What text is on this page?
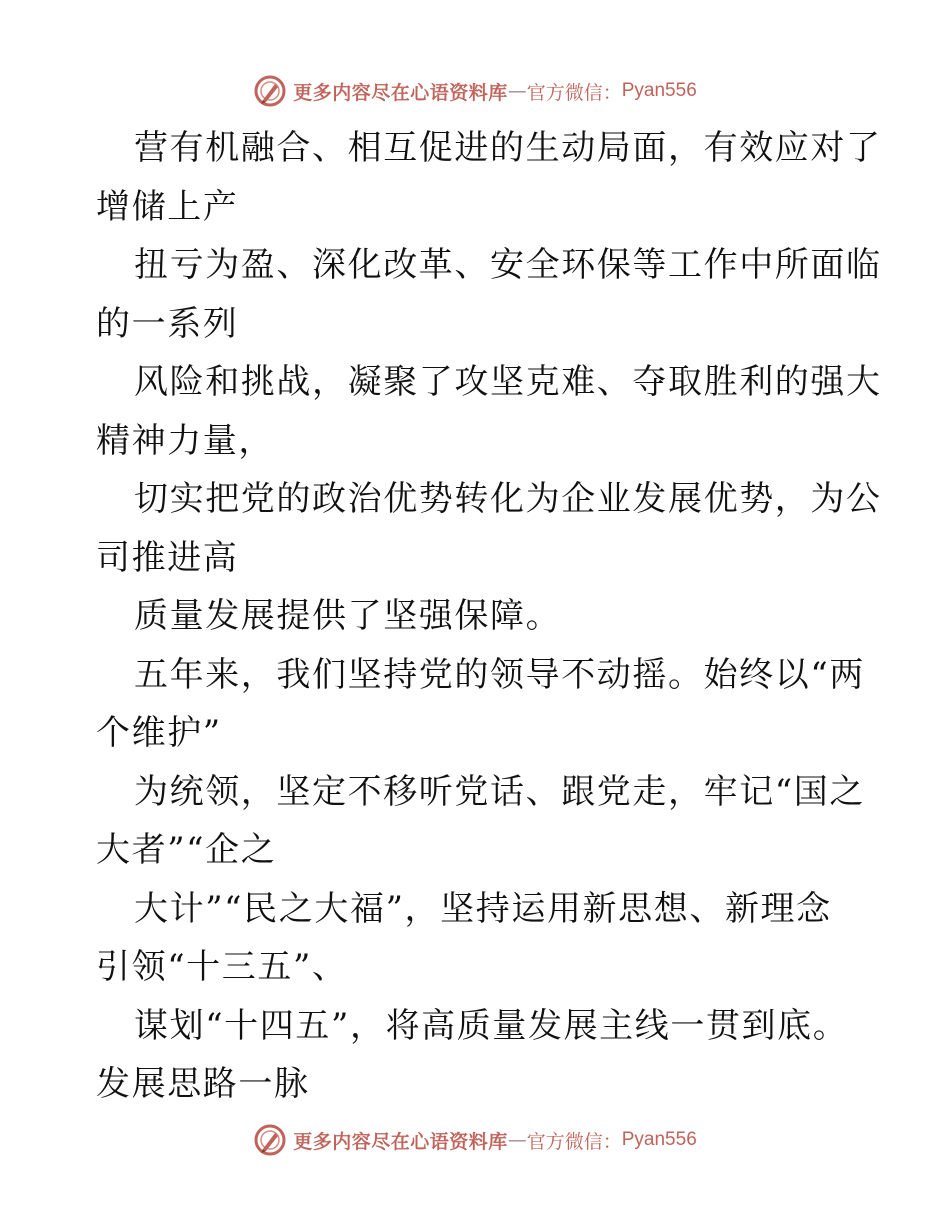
更多内容尽在心语资料库 — 官方微信： Pyan556
营有机融合、相互促进的生动局面，有效应对了
增储上产
扭亏为盈、深化改革、安全环保等工作中所面临
的一系列
风险和挑战，凝聚了攻坚克难、夺取胜利的强大
精神力量，
切实把党的政治优势转化为企业发展优势，为公
司推进高
质量发展提供了坚强保障。
五年来，我们坚持党的领导不动摇。始终以“两
个维护”
为统领，坚定不移听党话、跟党走，牢记“国之
大者”“企之
大计”“民之大福”，坚持运用新思想、新理念
引领“十三五”、
谋划“十四五”，将高质量发展主线一贯到底。
发展思路一脉
更多内容尽在心语资料库 — 官方微信： Pyan556
